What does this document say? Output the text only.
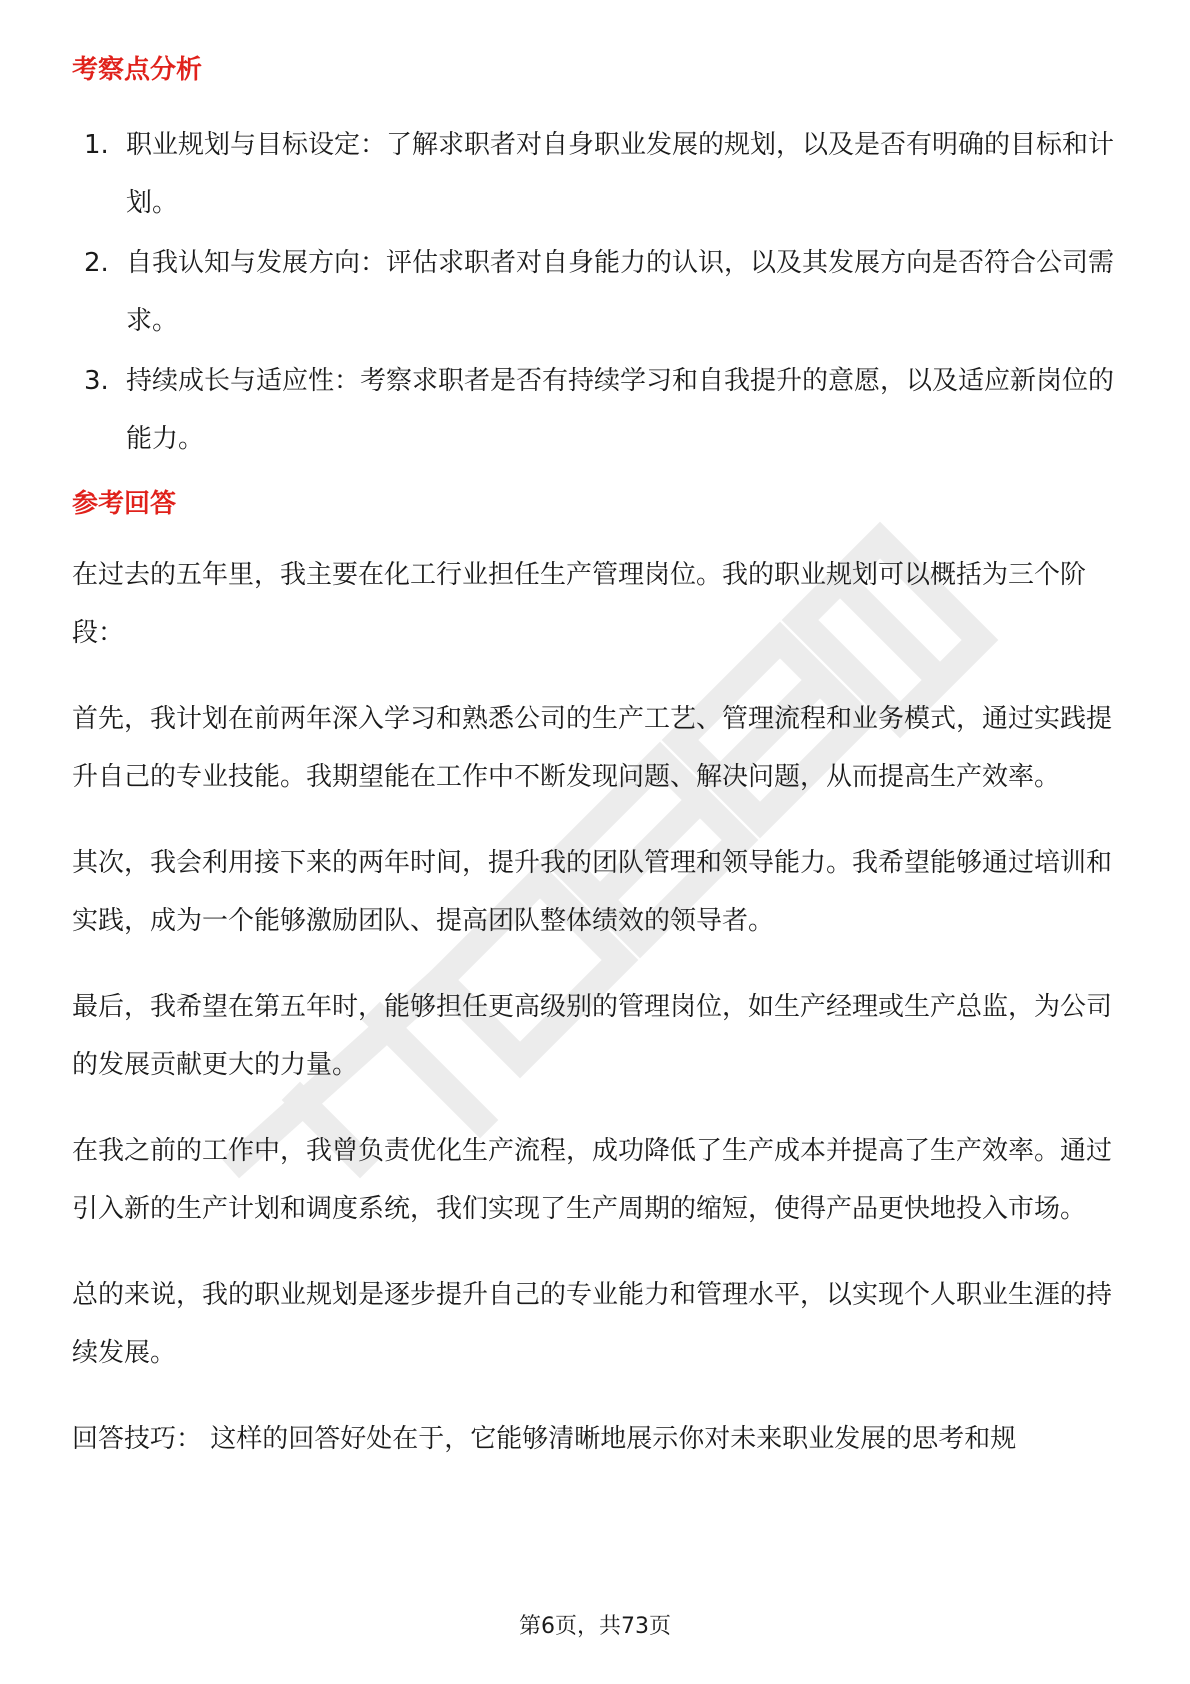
考察点分析
1. 职业规划与目标设定：了解求职者对自身职业发展的规划，以及是否有明确的目标和计划。
2. 自我认知与发展方向：评估求职者对自身能力的认识，以及其发展方向是否符合公司需求。
3. 持续成长与适应性：考察求职者是否有持续学习和自我提升的意愿，以及适应新岗位的能力。
参考回答

在过去的五年里，我主要在化工行业担任生产管理岗位。我的职业规划可以概括为三个阶段：

首先，我计划在前两年深入学习和熟悉公司的生产工艺、管理流程和业务模式，通过实践提升自己的专业技能。我期望能在工作中不断发现问题、解决问题，从而提高生产效率。

其次，我会利用接下来的两年时间，提升我的团队管理和领导能力。我希望能够通过培训和实践，成为一个能够激励团队、提高团队整体绩效的领导者。

最后，我希望在第五年时，能够担任更高级别的管理岗位，如生产经理或生产总监，为公司的发展贡献更大的力量。

在我之前的工作中，我曾负责优化生产流程，成功降低了生产成本并提高了生产效率。通过引入新的生产计划和调度系统，我们实现了生产周期的缩短，使得产品更快地投入市场。

总的来说，我的职业规划是逐步提升自己的专业能力和管理水平，以实现个人职业生涯的持续发展。

回答技巧： 这样的回答好处在于，它能够清晰地展示你对未来职业发展的思考和规

第6页，共73页
